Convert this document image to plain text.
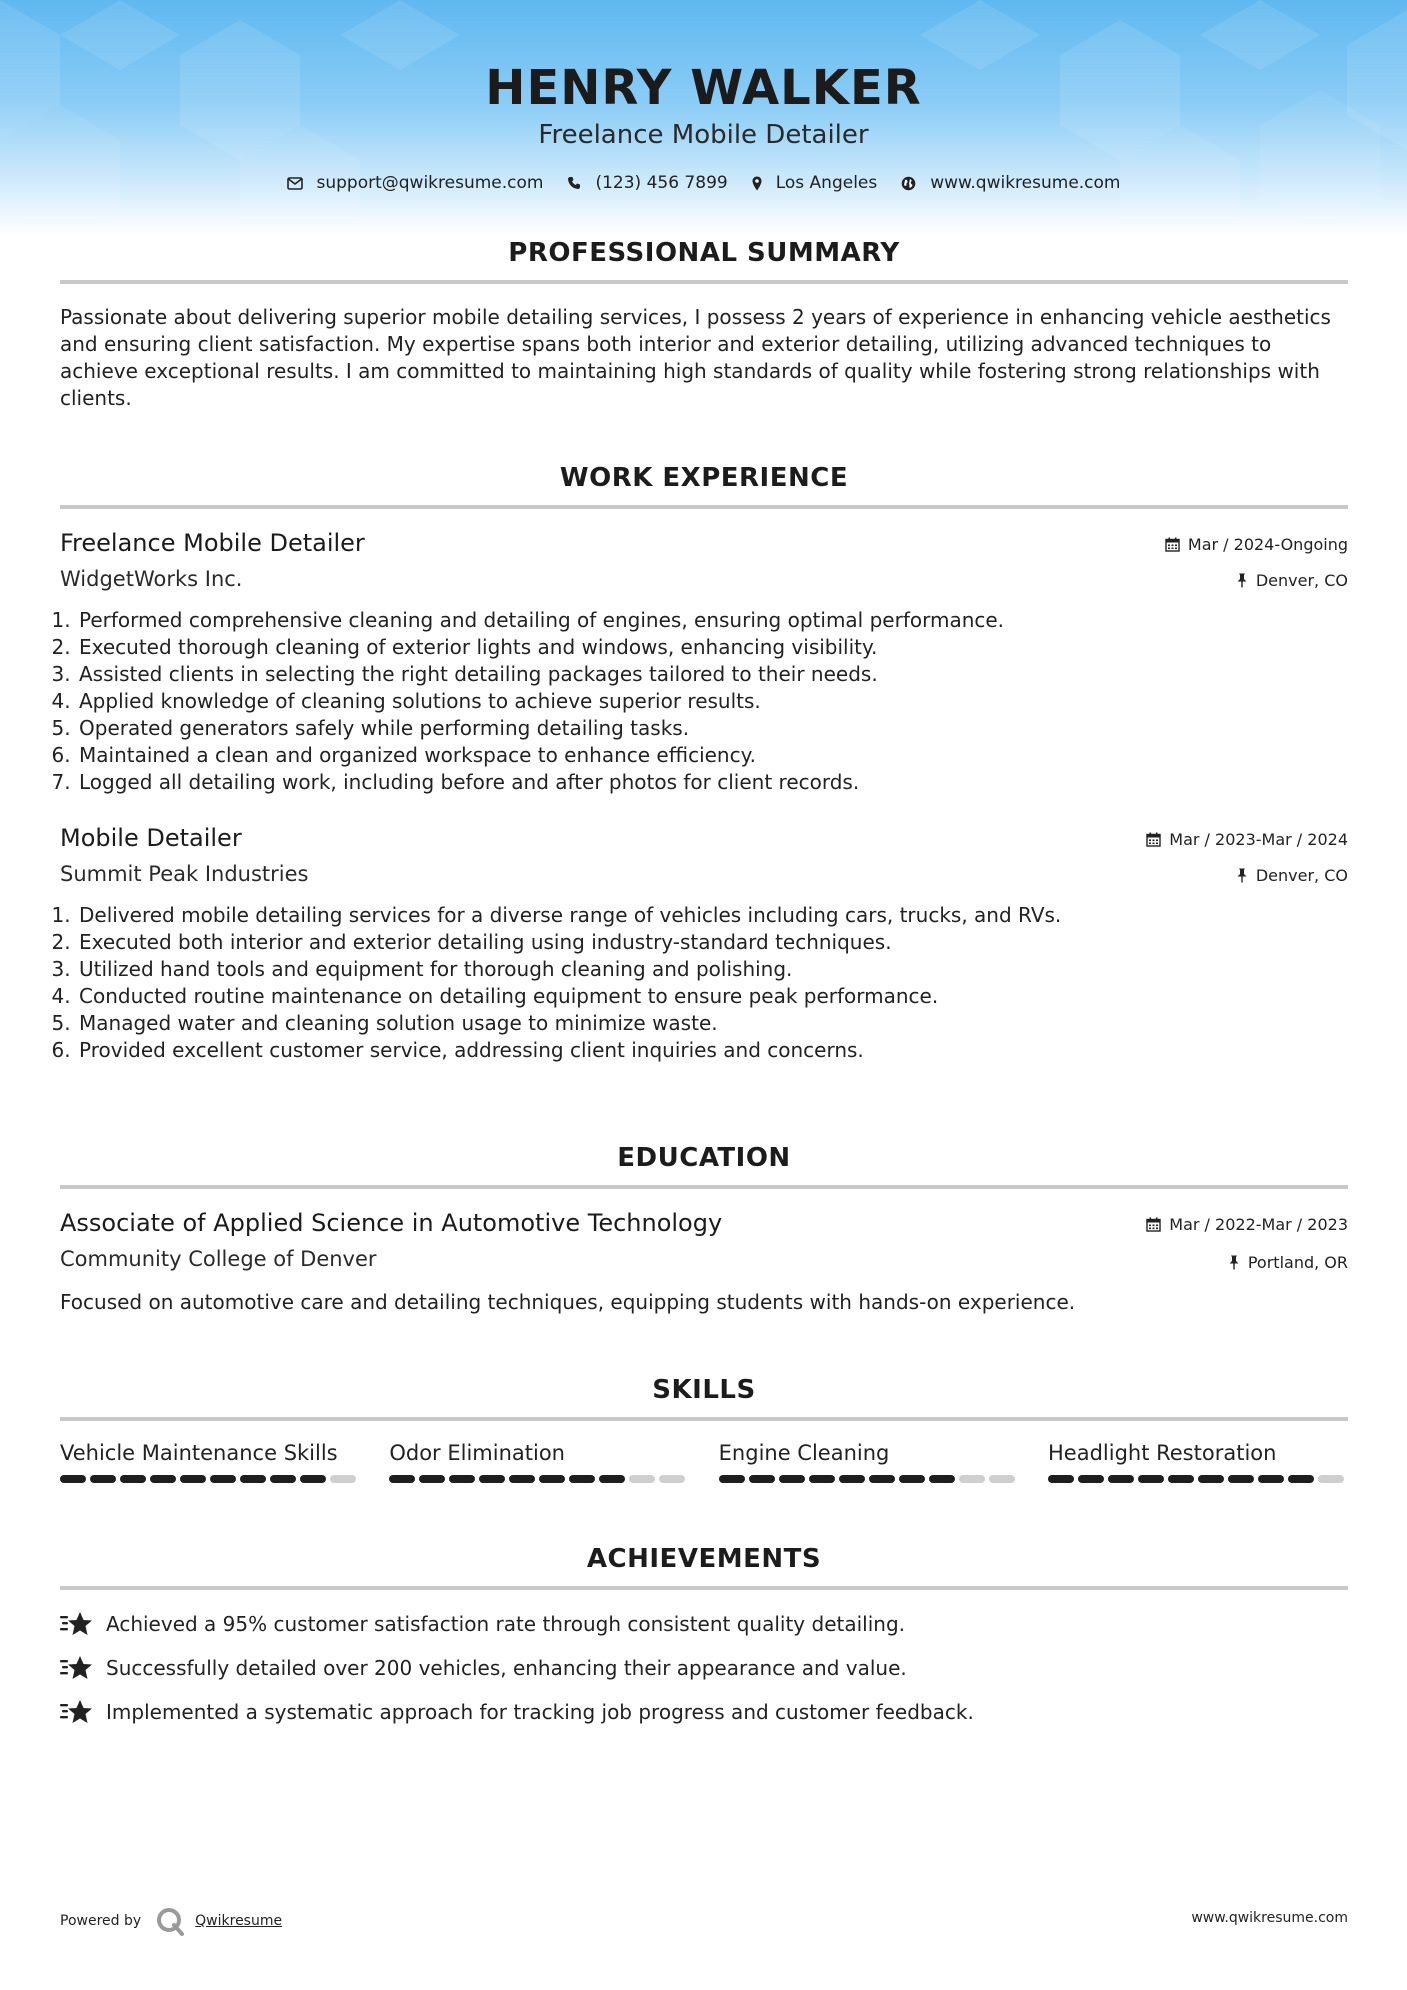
HENRY WALKER
Freelance Mobile Detailer
support@qwikresume.com	(123) 456 7899	Los Angeles	www.qwikresume.com
PROFESSIONAL SUMMARY
Passionate about delivering superior mobile detailing services, I possess 2 years of experience in enhancing vehicle aesthetics and ensuring client satisfaction. My expertise spans both interior and exterior detailing, utilizing advanced techniques to achieve exceptional results. I am committed to maintaining high standards of quality while fostering strong relationships with clients.
WORK EXPERIENCE
Freelance Mobile Detailer	Mar / 2024-Ongoing
WidgetWorks Inc.	Denver, CO
1. Performed comprehensive cleaning and detailing of engines, ensuring optimal performance.
2. Executed thorough cleaning of exterior lights and windows, enhancing visibility.
3. Assisted clients in selecting the right detailing packages tailored to their needs.
4. Applied knowledge of cleaning solutions to achieve superior results.
5. Operated generators safely while performing detailing tasks.
6. Maintained a clean and organized workspace to enhance efficiency.
7. Logged all detailing work, including before and after photos for client records.
Mobile Detailer	Mar / 2023-Mar / 2024
Summit Peak Industries	Denver, CO
1. Delivered mobile detailing services for a diverse range of vehicles including cars, trucks, and RVs.
2. Executed both interior and exterior detailing using industry-standard techniques.
3. Utilized hand tools and equipment for thorough cleaning and polishing.
4. Conducted routine maintenance on detailing equipment to ensure peak performance.
5. Managed water and cleaning solution usage to minimize waste.
6. Provided excellent customer service, addressing client inquiries and concerns.
EDUCATION
Associate of Applied Science in Automotive Technology	Mar / 2022-Mar / 2023
Community College of Denver	Portland, OR
Focused on automotive care and detailing techniques, equipping students with hands-on experience.
SKILLS
Vehicle Maintenance Skills	Odor Elimination	Engine Cleaning	Headlight Restoration
ACHIEVEMENTS
Achieved a 95% customer satisfaction rate through consistent quality detailing.
Successfully detailed over 200 vehicles, enhancing their appearance and value.
Implemented a systematic approach for tracking job progress and customer feedback.
Powered by	Qwikresume	www.qwikresume.com
